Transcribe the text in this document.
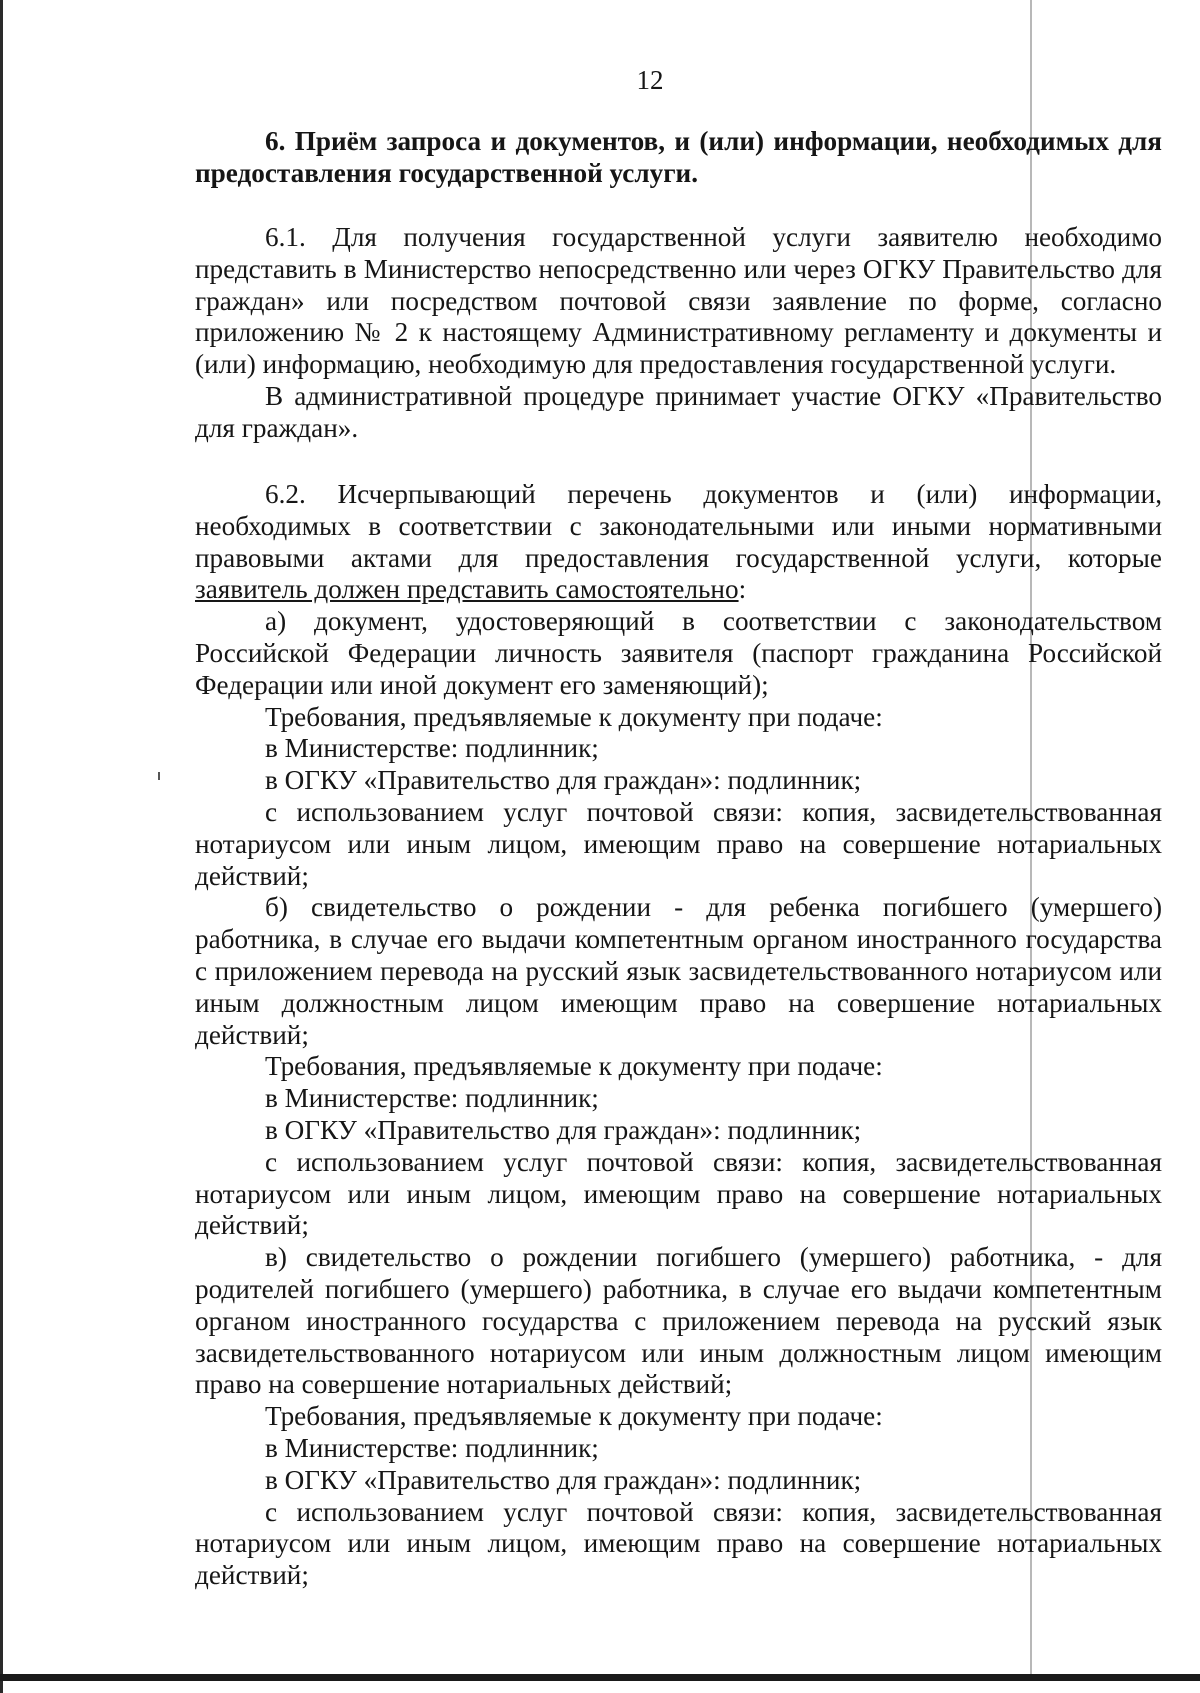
12

6. Приём запроса и документов, и (или) информации, необходимых для предоставления государственной услуги.

6.1. Для получения государственной услуги заявителю необходимо представить в Министерство непосредственно или через ОГКУ Правительство для граждан» или посредством почтовой связи заявление по форме, согласно приложению № 2 к настоящему Административному регламенту и документы и (или) информацию, необходимую для предоставления государственной услуги.

В административной процедуре принимает участие ОГКУ «Правительство для граждан».

6.2. Исчерпывающий перечень документов и (или) информации, необходимых в соответствии с законодательными или иными нормативными правовыми актами для предоставления государственной услуги, которые заявитель должен представить самостоятельно:

а) документ, удостоверяющий в соответствии с законодательством Российской Федерации личность заявителя (паспорт гражданина Российской Федерации или иной документ его заменяющий);

Требования, предъявляемые к документу при подаче:

в Министерстве: подлинник;

в ОГКУ «Правительство для граждан»: подлинник;

с использованием услуг почтовой связи: копия, засвидетельствованная нотариусом или иным лицом, имеющим право на совершение нотариальных действий;

б) свидетельство о рождении - для ребенка погибшего (умершего) работника, в случае его выдачи компетентным органом иностранного государства с приложением перевода на русский язык засвидетельствованного нотариусом или иным должностным лицом имеющим право на совершение нотариальных действий;

Требования, предъявляемые к документу при подаче:

в Министерстве: подлинник;

в ОГКУ «Правительство для граждан»: подлинник;

с использованием услуг почтовой связи: копия, засвидетельствованная нотариусом или иным лицом, имеющим право на совершение нотариальных действий;

в) свидетельство о рождении погибшего (умершего) работника, - для родителей погибшего (умершего) работника, в случае его выдачи компетентным органом иностранного государства с приложением перевода на русский язык засвидетельствованного нотариусом или иным должностным лицом имеющим право на совершение нотариальных действий;

Требования, предъявляемые к документу при подаче:

в Министерстве: подлинник;

в ОГКУ «Правительство для граждан»: подлинник;

с использованием услуг почтовой связи: копия, засвидетельствованная нотариусом или иным лицом, имеющим право на совершение нотариальных действий;
